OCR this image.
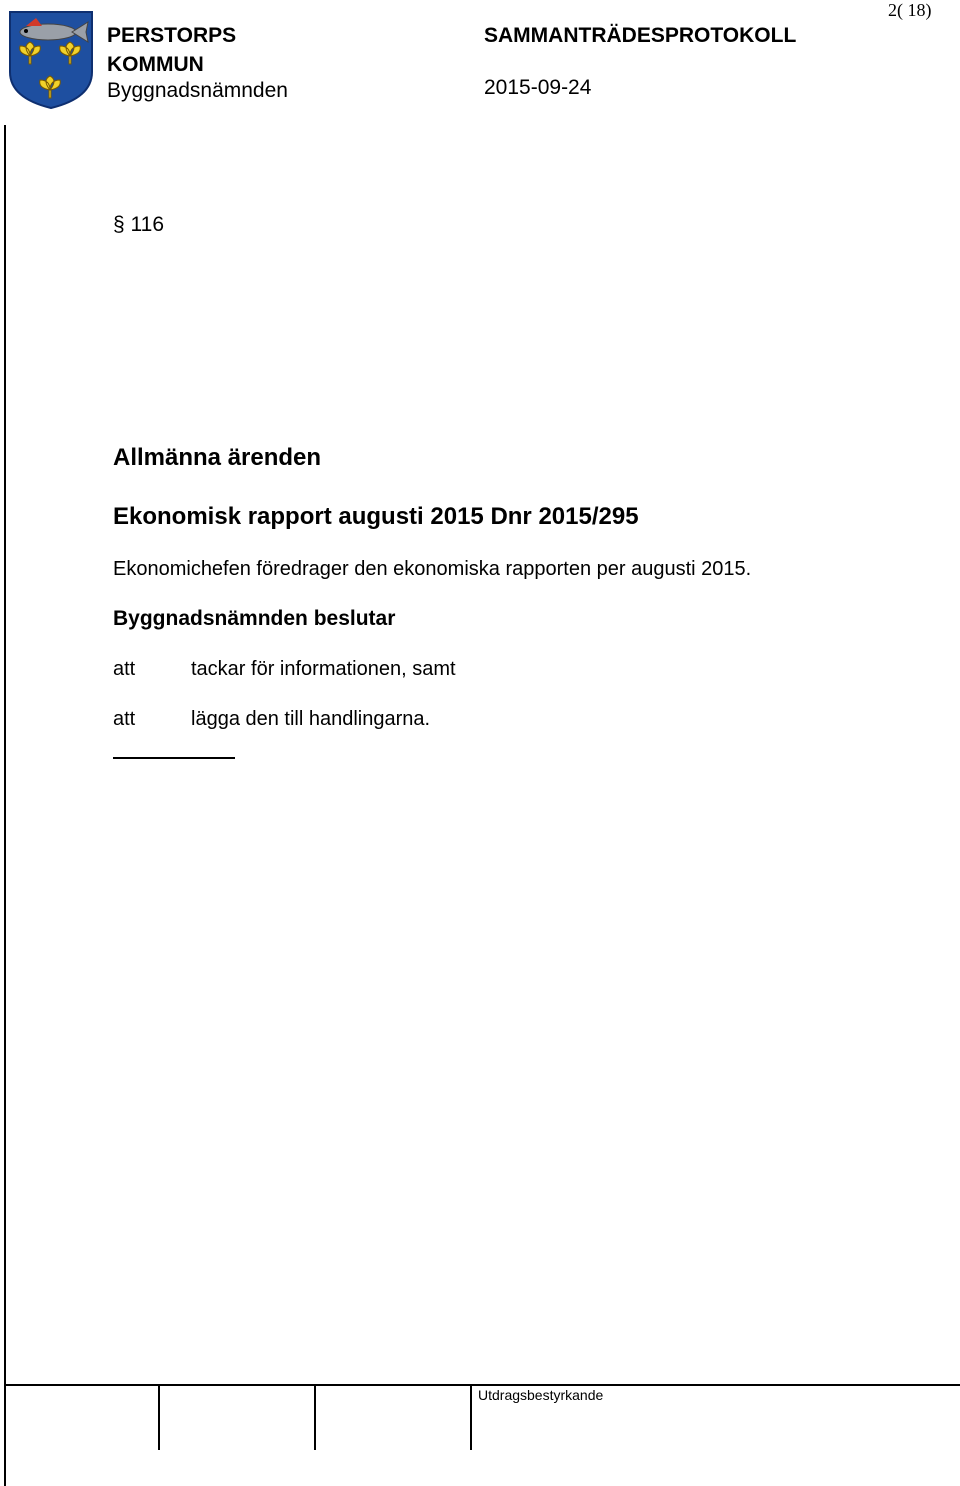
PERSTORPS
KOMMUN
Byggnadsnämnden
SAMMANTRÄDESPROTOKOLL
2015-09-24
2( 18)
§ 116
Allmänna ärenden
Ekonomisk rapport augusti 2015 Dnr 2015/295
Ekonomichefen föredrager den ekonomiska rapporten per augusti 2015.
Byggnadsnämnden beslutar
att	tackar för informationen, samt
att	lägga den till handlingarna.
Utdragsbestyrkande
